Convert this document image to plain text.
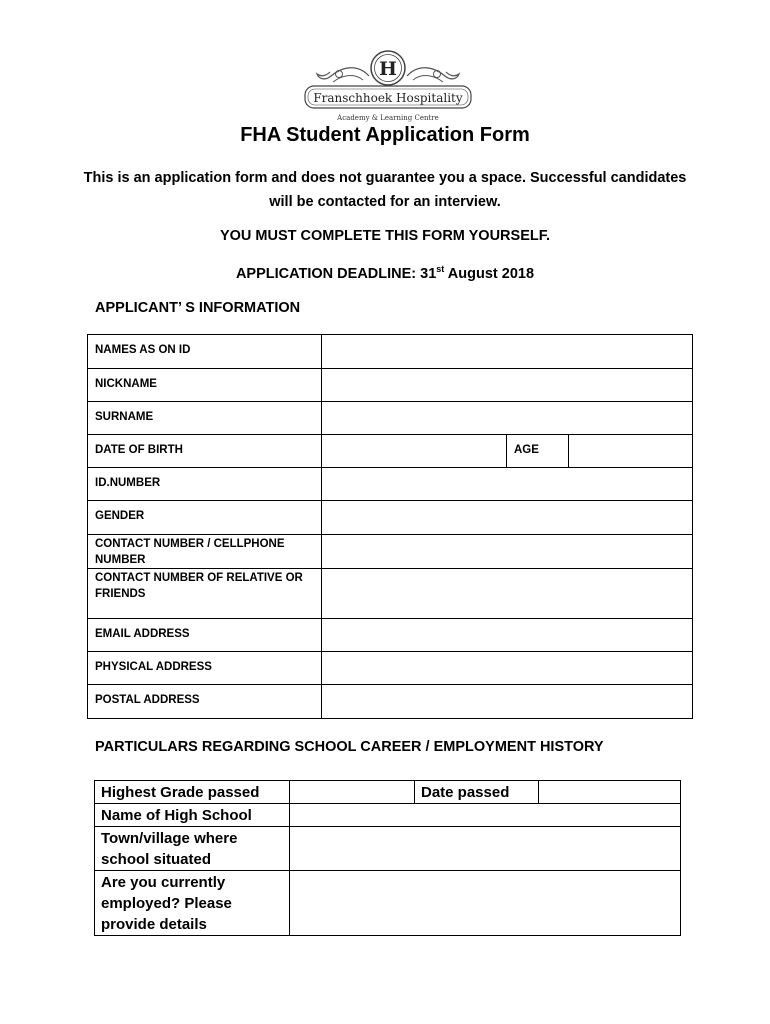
H
Franschhoek Hospitality
Academy & Learning Centre
FHA Student Application Form
This is an application form and does not guarantee you a space. Successful candidates will be contacted for an interview.
YOU MUST COMPLETE THIS FORM YOURSELF.
APPLICATION DEADLINE: 31st August 2018
APPLICANT’ S INFORMATION
NAMES AS ON ID			
NICKNAME			
SURNAME			
DATE OF BIRTH		AGE	
ID.NUMBER			
GENDER			
CONTACT NUMBER / CELLPHONE NUMBER			
CONTACT NUMBER OF RELATIVE OR FRIENDS			
EMAIL ADDRESS			
PHYSICAL ADDRESS			
POSTAL ADDRESS			
PARTICULARS REGARDING SCHOOL CAREER / EMPLOYMENT HISTORY
Highest Grade passed		Date passed	
Name of High School			
Town/village where school situated			
Are you currently employed? Please provide details			
